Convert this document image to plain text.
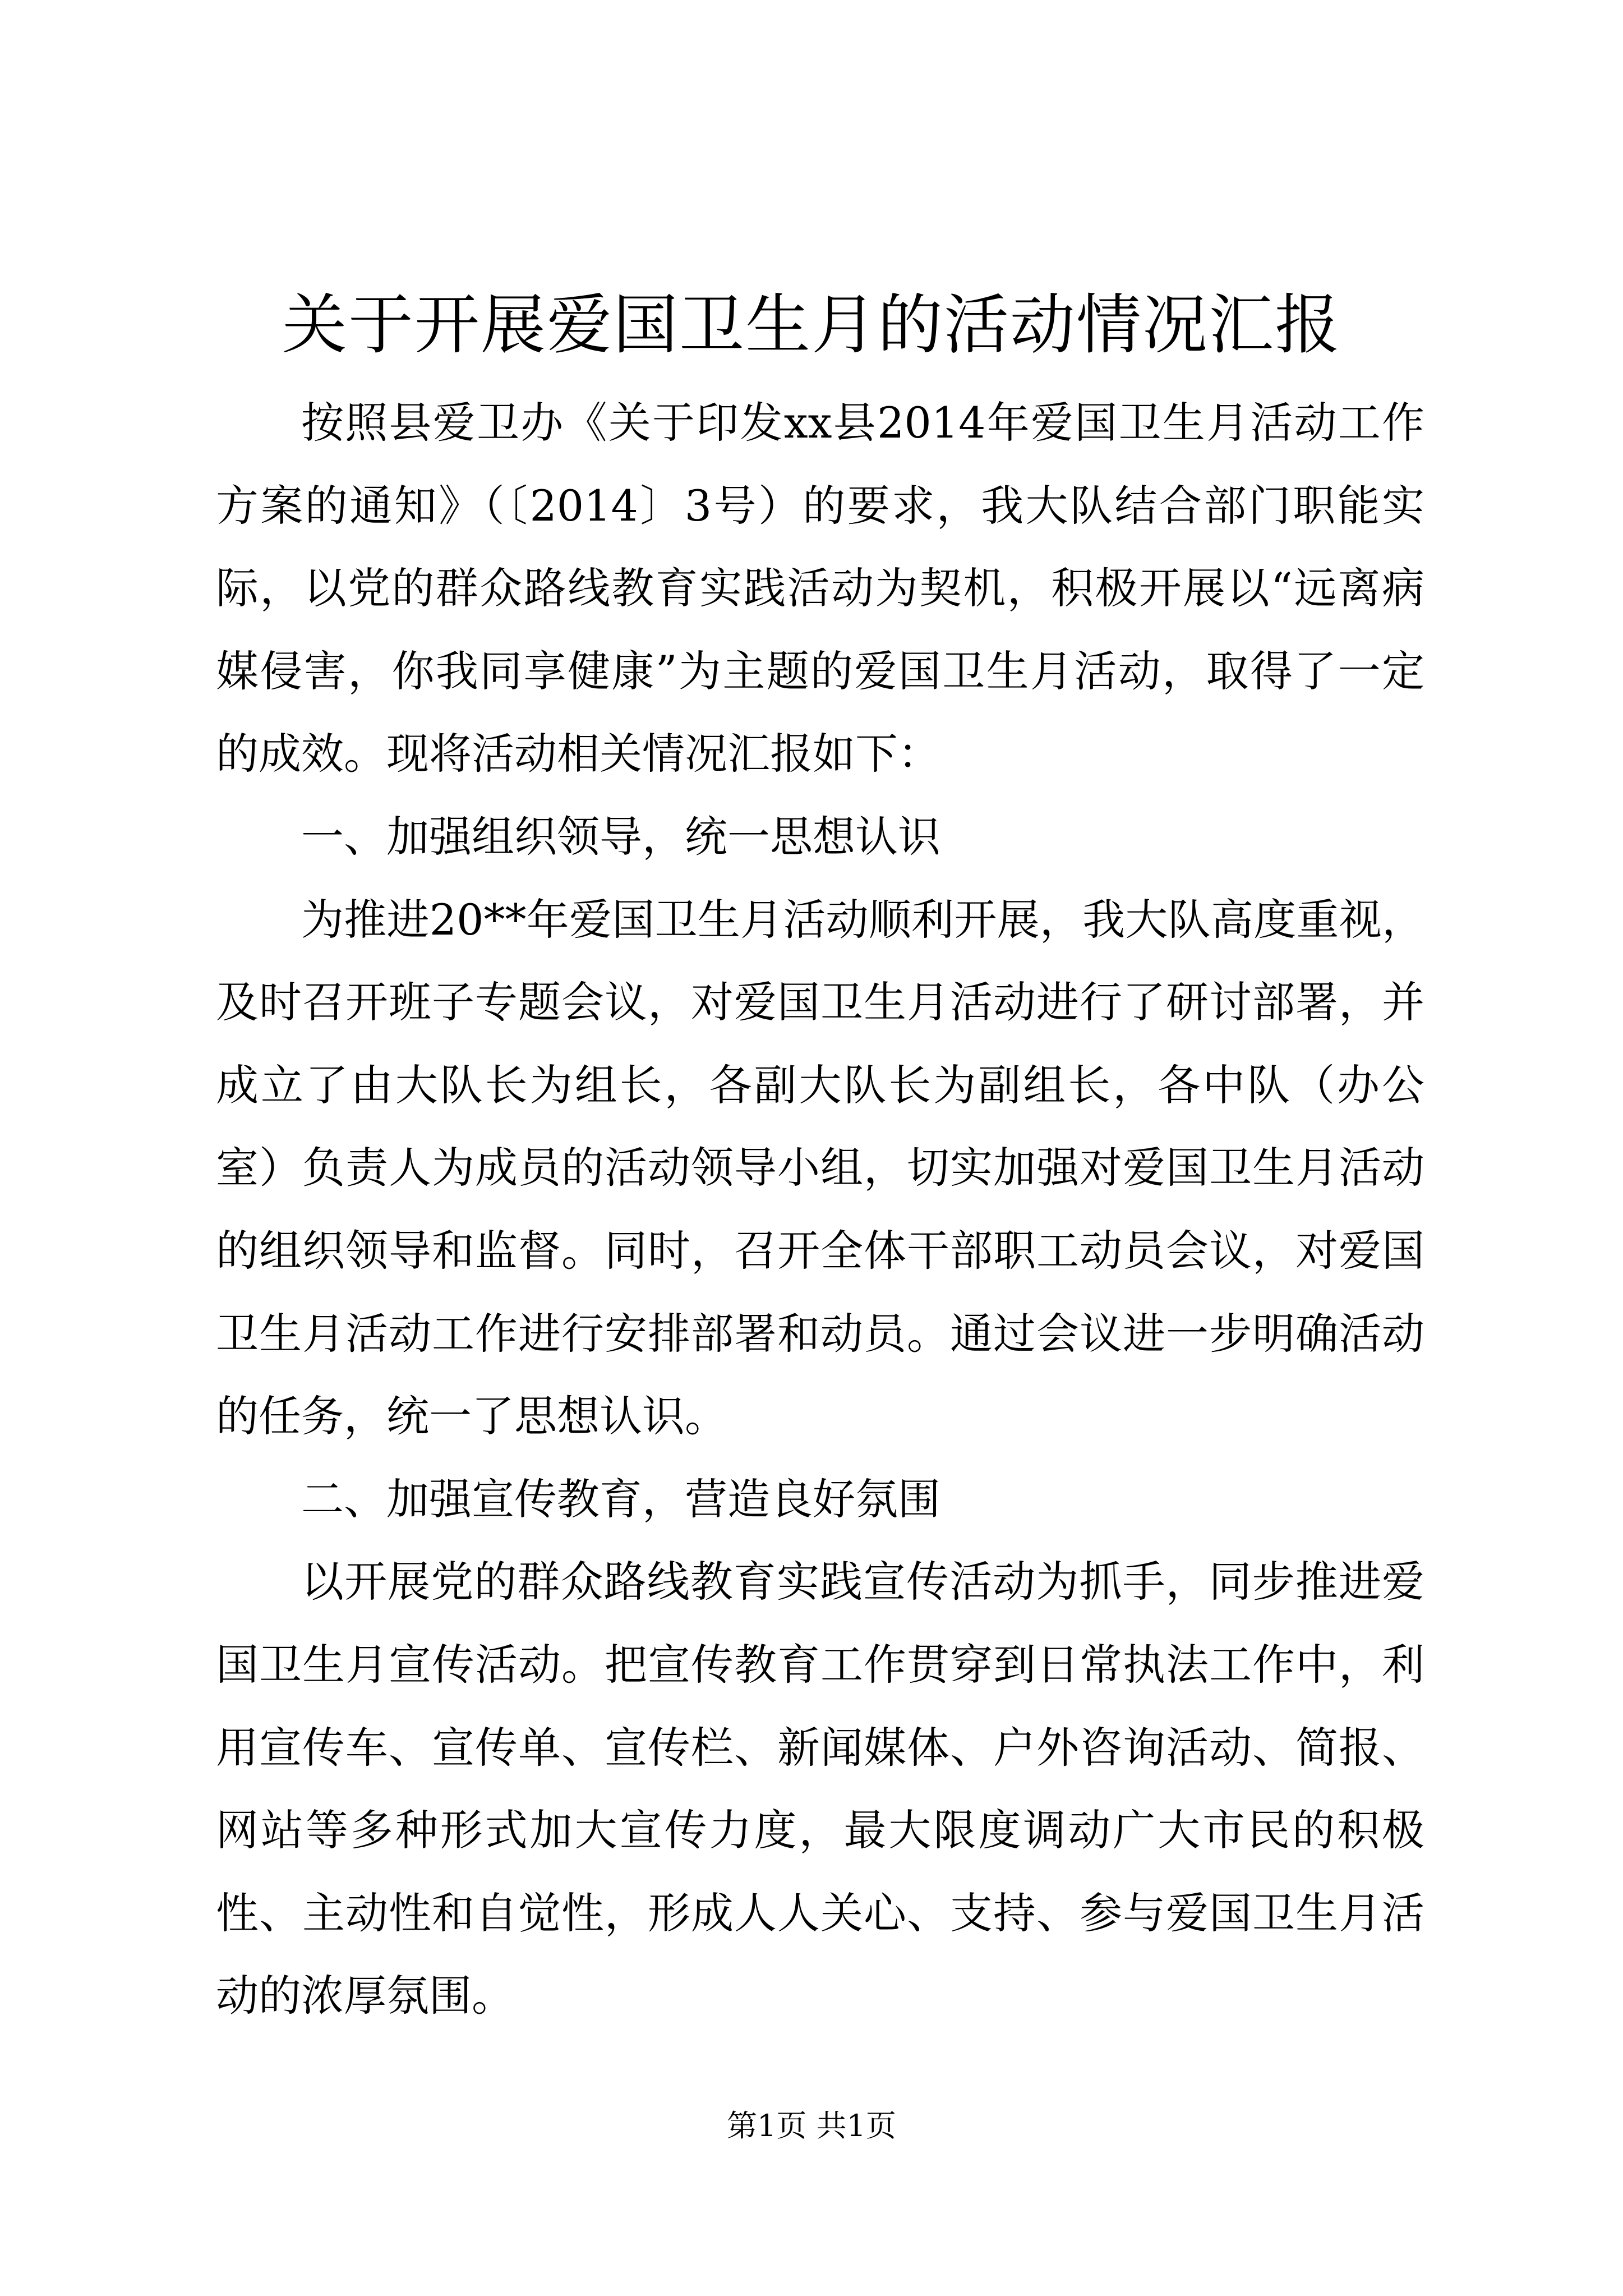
关于开展爱国卫生月的活动情况汇报

按照县爱卫办《关于印发xx县2014年爱国卫生月活动工作方案的通知》（〔2014〕3号）的要求，我大队结合部门职能实际，以党的群众路线教育实践活动为契机，积极开展以“远离病媒侵害，你我同享健康”为主题的爱国卫生月活动，取得了一定的成效。现将活动相关情况汇报如下：

一、加强组织领导，统一思想认识

为推进20**年爱国卫生月活动顺利开展，我大队高度重视，及时召开班子专题会议，对爱国卫生月活动进行了研讨部署，并成立了由大队长为组长，各副大队长为副组长，各中队（办公室）负责人为成员的活动领导小组，切实加强对爱国卫生月活动的组织领导和监督。同时，召开全体干部职工动员会议，对爱国卫生月活动工作进行安排部署和动员。通过会议进一步明确活动的任务，统一了思想认识。

二、加强宣传教育，营造良好氛围

以开展党的群众路线教育实践宣传活动为抓手，同步推进爱国卫生月宣传活动。把宣传教育工作贯穿到日常执法工作中，利用宣传车、宣传单、宣传栏、新闻媒体、户外咨询活动、简报、网站等多种形式加大宣传力度，最大限度调动广大市民的积极性、主动性和自觉性，形成人人关心、支持、参与爱国卫生月活动的浓厚氛围。

第1页 共1页
